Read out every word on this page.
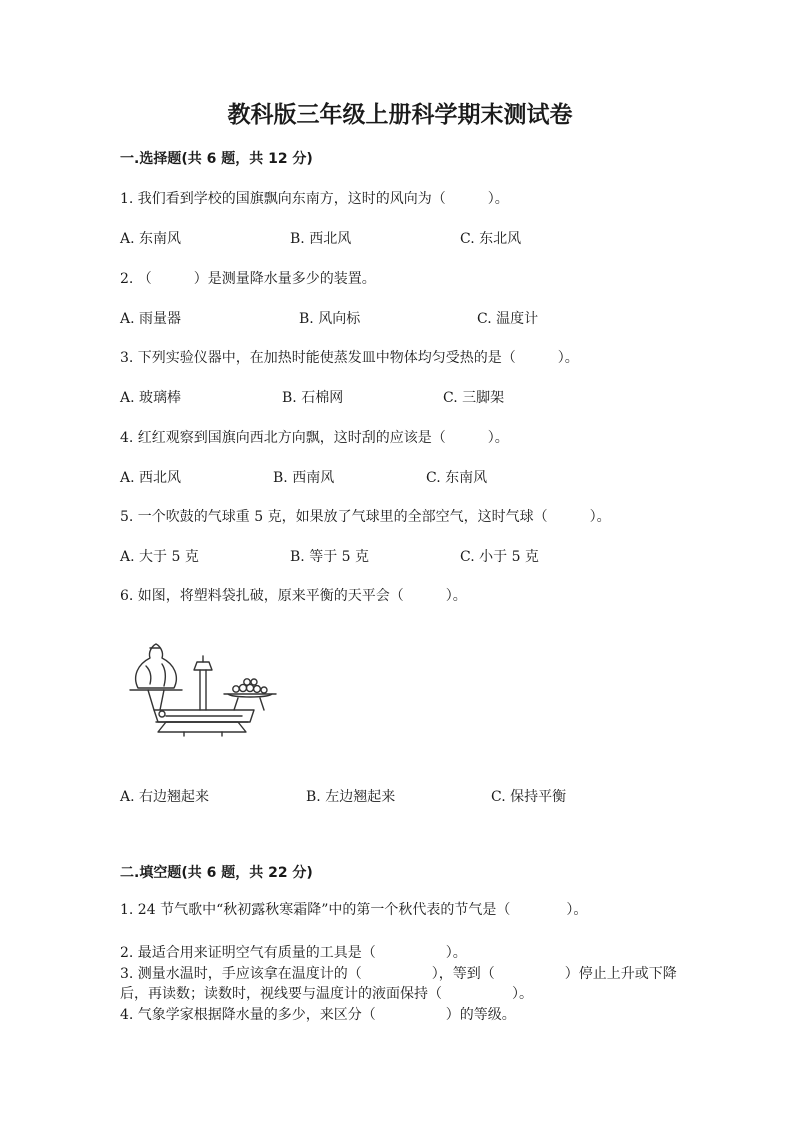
教科版三年级上册科学期末测试卷
一.选择题(共 6 题，共 12 分)
1. 我们看到学校的国旗飘向东南方，这时的风向为（　　　）。
A. 东南风	B. 西北风	C. 东北风
2. （　　　）是测量降水量多少的装置。
A. 雨量器	B. 风向标	C. 温度计
3. 下列实验仪器中，在加热时能使蒸发皿中物体均匀受热的是（　　　）。
A. 玻璃棒	B. 石棉网	C. 三脚架
4. 红红观察到国旗向西北方向飘，这时刮的应该是（　　　）。
A. 西北风	B. 西南风	C. 东南风
5. 一个吹鼓的气球重 5 克，如果放了气球里的全部空气，这时气球（　　　）。
A. 大于 5 克	B. 等于 5 克	C. 小于 5 克
6. 如图，将塑料袋扎破，原来平衡的天平会（　　　）。
A. 右边翘起来	B. 左边翘起来	C. 保持平衡
二.填空题(共 6 题，共 22 分)
1. 24 节气歌中“秋初露秋寒霜降”中的第一个秋代表的节气是（　　　　）。
2. 最适合用来证明空气有质量的工具是（　　　　　）。
3. 测量水温时，手应该拿在温度计的（　　　　　），等到（　　　　　）停止上升或下降后，再读数；读数时，视线要与温度计的液面保持（　　　　　）。
4. 气象学家根据降水量的多少，来区分（　　　　　）的等级。
